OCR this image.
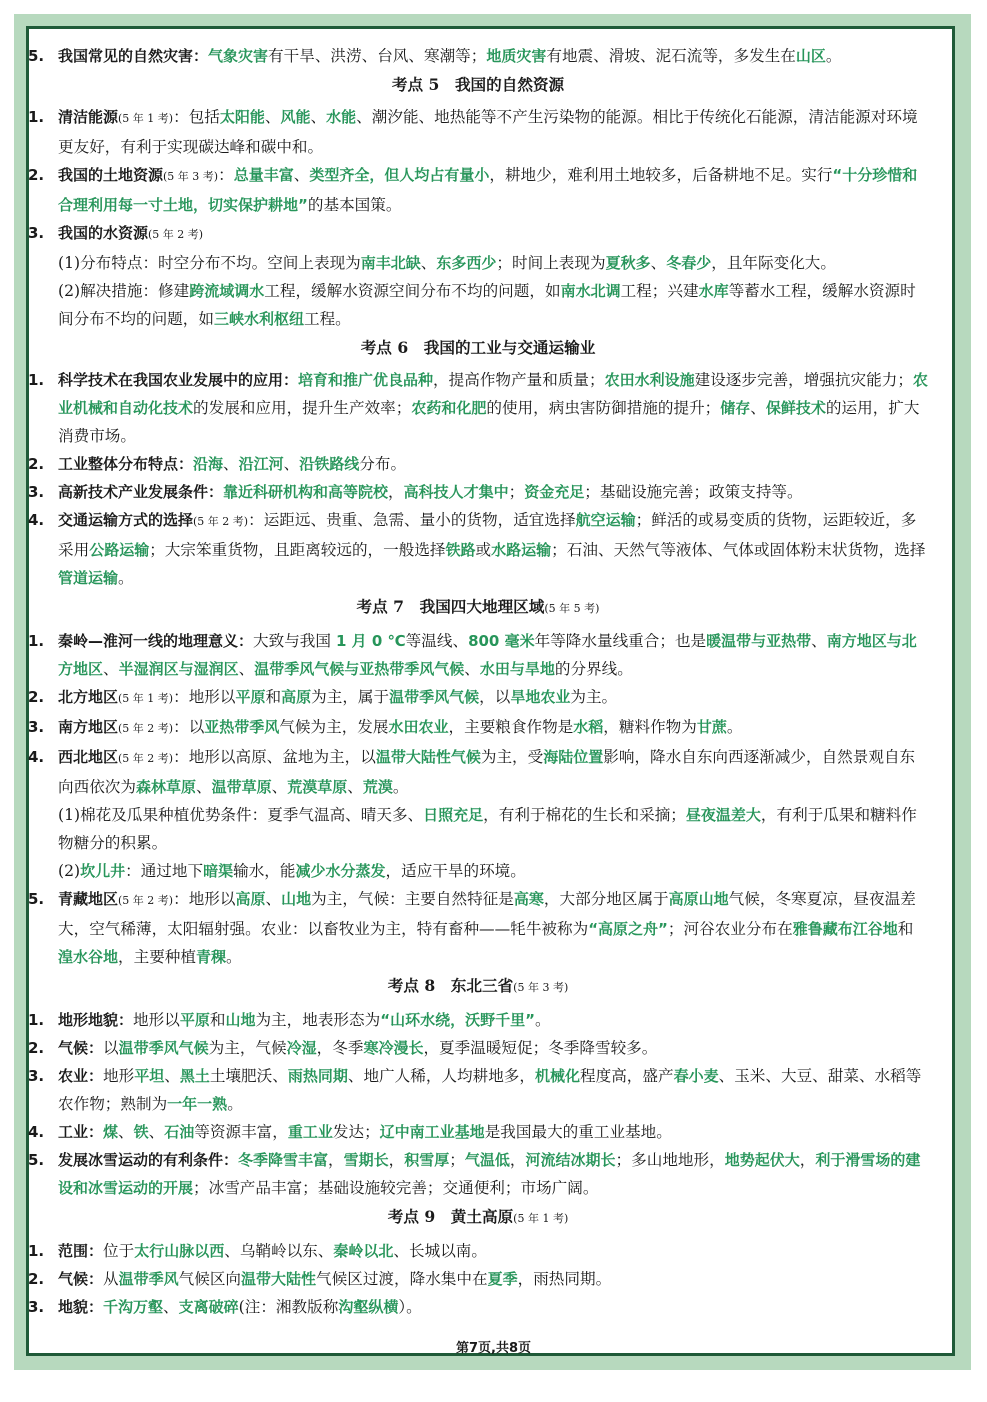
5. 我国常见的自然灾害：气象灾害有干旱、洪涝、台风、寒潮等；地质灾害有地震、滑坡、泥石流等，多发生在山区。
考点 5　我国的自然资源
1. 清洁能源(5 年 1 考)：包括太阳能、风能、水能、潮汐能、地热能等不产生污染物的能源。相比于传统化石能源，清洁能源对环境更友好，有利于实现碳达峰和碳中和。
2. 我国的土地资源(5 年 3 考)：总量丰富、类型齐全，但人均占有量小，耕地少，难利用土地较多，后备耕地不足。实行“十分珍惜和合理利用每一寸土地，切实保护耕地”的基本国策。
3. 我国的水资源(5 年 2 考)
(1)分布特点：时空分布不均。空间上表现为南丰北缺、东多西少；时间上表现为夏秋多、冬春少，且年际变化大。
(2)解决措施：修建跨流域调水工程，缓解水资源空间分布不均的问题，如南水北调工程；兴建水库等蓄水工程，缓解水资源时间分布不均的问题，如三峡水利枢纽工程。
考点 6　我国的工业与交通运输业
1. 科学技术在我国农业发展中的应用：培育和推广优良品种，提高作物产量和质量；农田水利设施建设逐步完善，增强抗灾能力；农业机械和自动化技术的发展和应用，提升生产效率；农药和化肥的使用，病虫害防御措施的提升；储存、保鲜技术的运用，扩大消费市场。
2. 工业整体分布特点：沿海、沿江河、沿铁路线分布。
3. 高新技术产业发展条件：靠近科研机构和高等院校，高科技人才集中；资金充足；基础设施完善；政策支持等。
4. 交通运输方式的选择(5 年 2 考)：运距远、贵重、急需、量小的货物，适宜选择航空运输；鲜活的或易变质的货物，运距较近，多采用公路运输；大宗笨重货物，且距离较远的，一般选择铁路或水路运输；石油、天然气等液体、气体或固体粉末状货物，选择管道运输。
考点 7　我国四大地理区域(5 年 5 考)
1. 秦岭—淮河一线的地理意义：大致与我国 1 月 0 ℃等温线、800 毫米年等降水量线重合；也是暖温带与亚热带、南方地区与北方地区、半湿润区与湿润区、温带季风气候与亚热带季风气候、水田与旱地的分界线。
2. 北方地区(5 年 1 考)：地形以平原和高原为主，属于温带季风气候，以旱地农业为主。
3. 南方地区(5 年 2 考)：以亚热带季风气候为主，发展水田农业，主要粮食作物是水稻，糖料作物为甘蔗。
4. 西北地区(5 年 2 考)：地形以高原、盆地为主，以温带大陆性气候为主，受海陆位置影响，降水自东向西逐渐减少，自然景观自东向西依次为森林草原、温带草原、荒漠草原、荒漠。
(1)棉花及瓜果种植优势条件：夏季气温高、晴天多、日照充足，有利于棉花的生长和采摘；昼夜温差大，有利于瓜果和糖料作物糖分的积累。
(2)坎儿井：通过地下暗渠输水，能减少水分蒸发，适应干旱的环境。
5. 青藏地区(5 年 2 考)：地形以高原、山地为主，气候：主要自然特征是高寒，大部分地区属于高原山地气候，冬寒夏凉，昼夜温差大，空气稀薄，太阳辐射强。农业：以畜牧业为主，特有畜种——牦牛被称为“高原之舟”；河谷农业分布在雅鲁藏布江谷地和湟水谷地，主要种植青稞。
考点 8　东北三省(5 年 3 考)
1. 地形地貌：地形以平原和山地为主，地表形态为“山环水绕，沃野千里”。
2. 气候：以温带季风气候为主，气候冷湿，冬季寒冷漫长，夏季温暖短促；冬季降雪较多。
3. 农业：地形平坦、黑土土壤肥沃、雨热同期、地广人稀，人均耕地多，机械化程度高，盛产春小麦、玉米、大豆、甜菜、水稻等农作物；熟制为一年一熟。
4. 工业：煤、铁、石油等资源丰富，重工业发达；辽中南工业基地是我国最大的重工业基地。
5. 发展冰雪运动的有利条件：冬季降雪丰富，雪期长，积雪厚；气温低，河流结冰期长；多山地地形，地势起伏大，利于滑雪场的建设和冰雪运动的开展；冰雪产品丰富；基础设施较完善；交通便利；市场广阔。
考点 9　黄土高原(5 年 1 考)
1. 范围：位于太行山脉以西、乌鞘岭以东、秦岭以北、长城以南。
2. 气候：从温带季风气候区向温带大陆性气候区过渡，降水集中在夏季，雨热同期。
3. 地貌：千沟万壑、支离破碎(注：湘教版称沟壑纵横）。
第7页,共8页
